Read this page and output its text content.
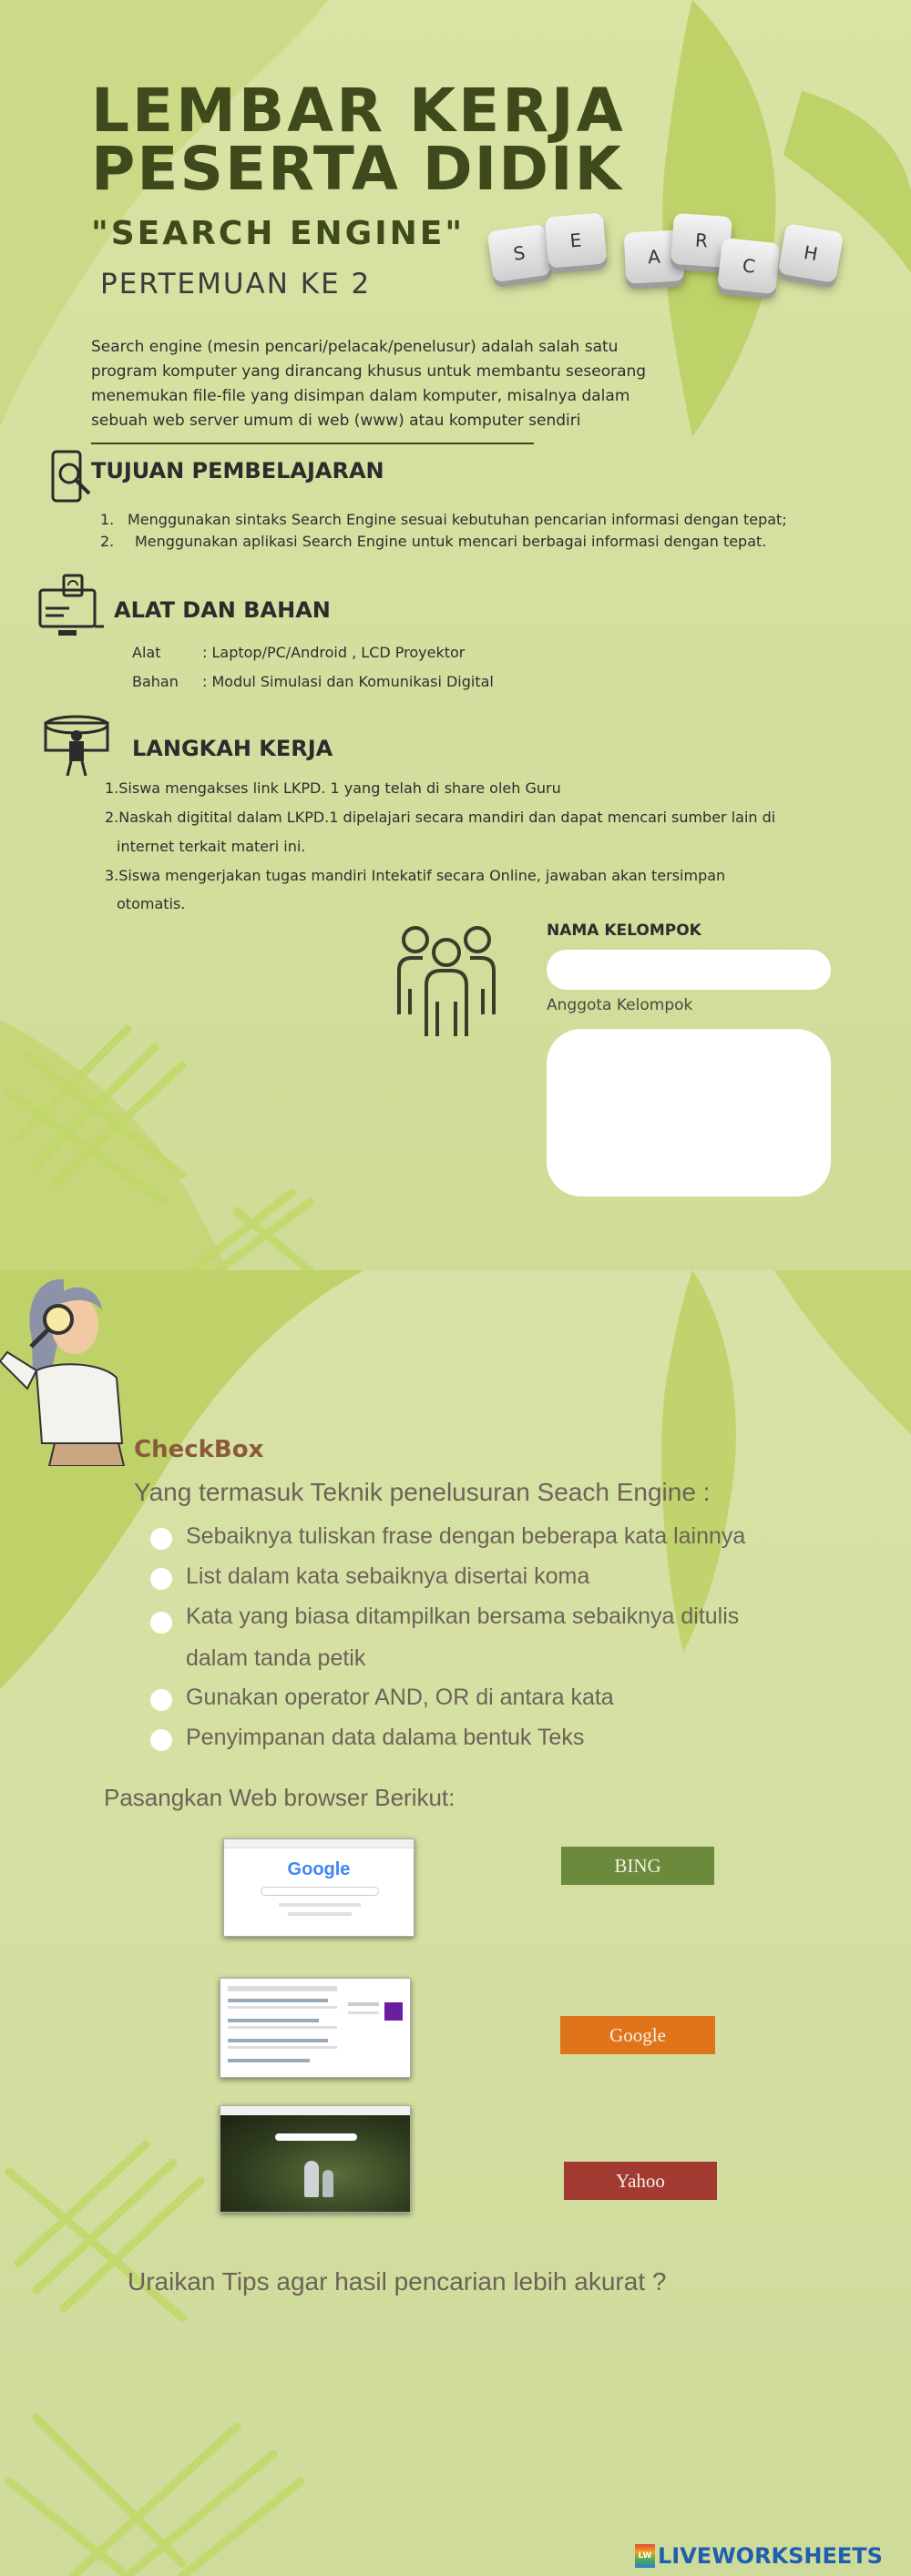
LEMBAR KERJA
PESERTA DIDIK
"SEARCH ENGINE"
PERTEMUAN KE 2
S
E
A
R
C
H
Search engine (mesin pencari/pelacak/penelusur) adalah salah satu
program komputer yang dirancang khusus untuk membantu seseorang
menemukan file-file yang disimpan dalam komputer, misalnya dalam
sebuah web server umum di web (www) atau komputer sendiri
TUJUAN PEMBELAJARAN
1. Menggunakan sintaks Search Engine sesuai kebutuhan pencarian informasi dengan tepat;
2. Menggunakan aplikasi Search Engine untuk mencari berbagai informasi dengan tepat.
ALAT DAN BAHAN
Alat	: Laptop/PC/Android , LCD Proyektor
Bahan : Modul Simulasi dan Komunikasi Digital
LANGKAH KERJA
1.Siswa mengakses link LKPD. 1 yang telah di share oleh Guru
2.Naskah digitital dalam LKPD.1 dipelajari secara mandiri dan dapat mencari sumber lain di
internet terkait materi ini.
3.Siswa mengerjakan tugas mandiri Intekatif secara Online, jawaban akan tersimpan
otomatis.
NAMA KELOMPOK
Anggota Kelompok
CheckBox
Yang termasuk Teknik penelusuran Seach Engine :
Sebaiknya tuliskan frase dengan beberapa kata lainnya
List dalam kata sebaiknya disertai koma
Kata yang biasa ditampilkan bersama sebaiknya ditulis
dalam tanda petik
Gunakan operator AND, OR di antara kata
Penyimpanan data dalama bentuk Teks
Pasangkan Web browser Berikut:
Google	BING
Google
Yahoo
Uraikan Tips agar hasil pencarian lebih akurat ?
LW LIVEWORKSHEETS
